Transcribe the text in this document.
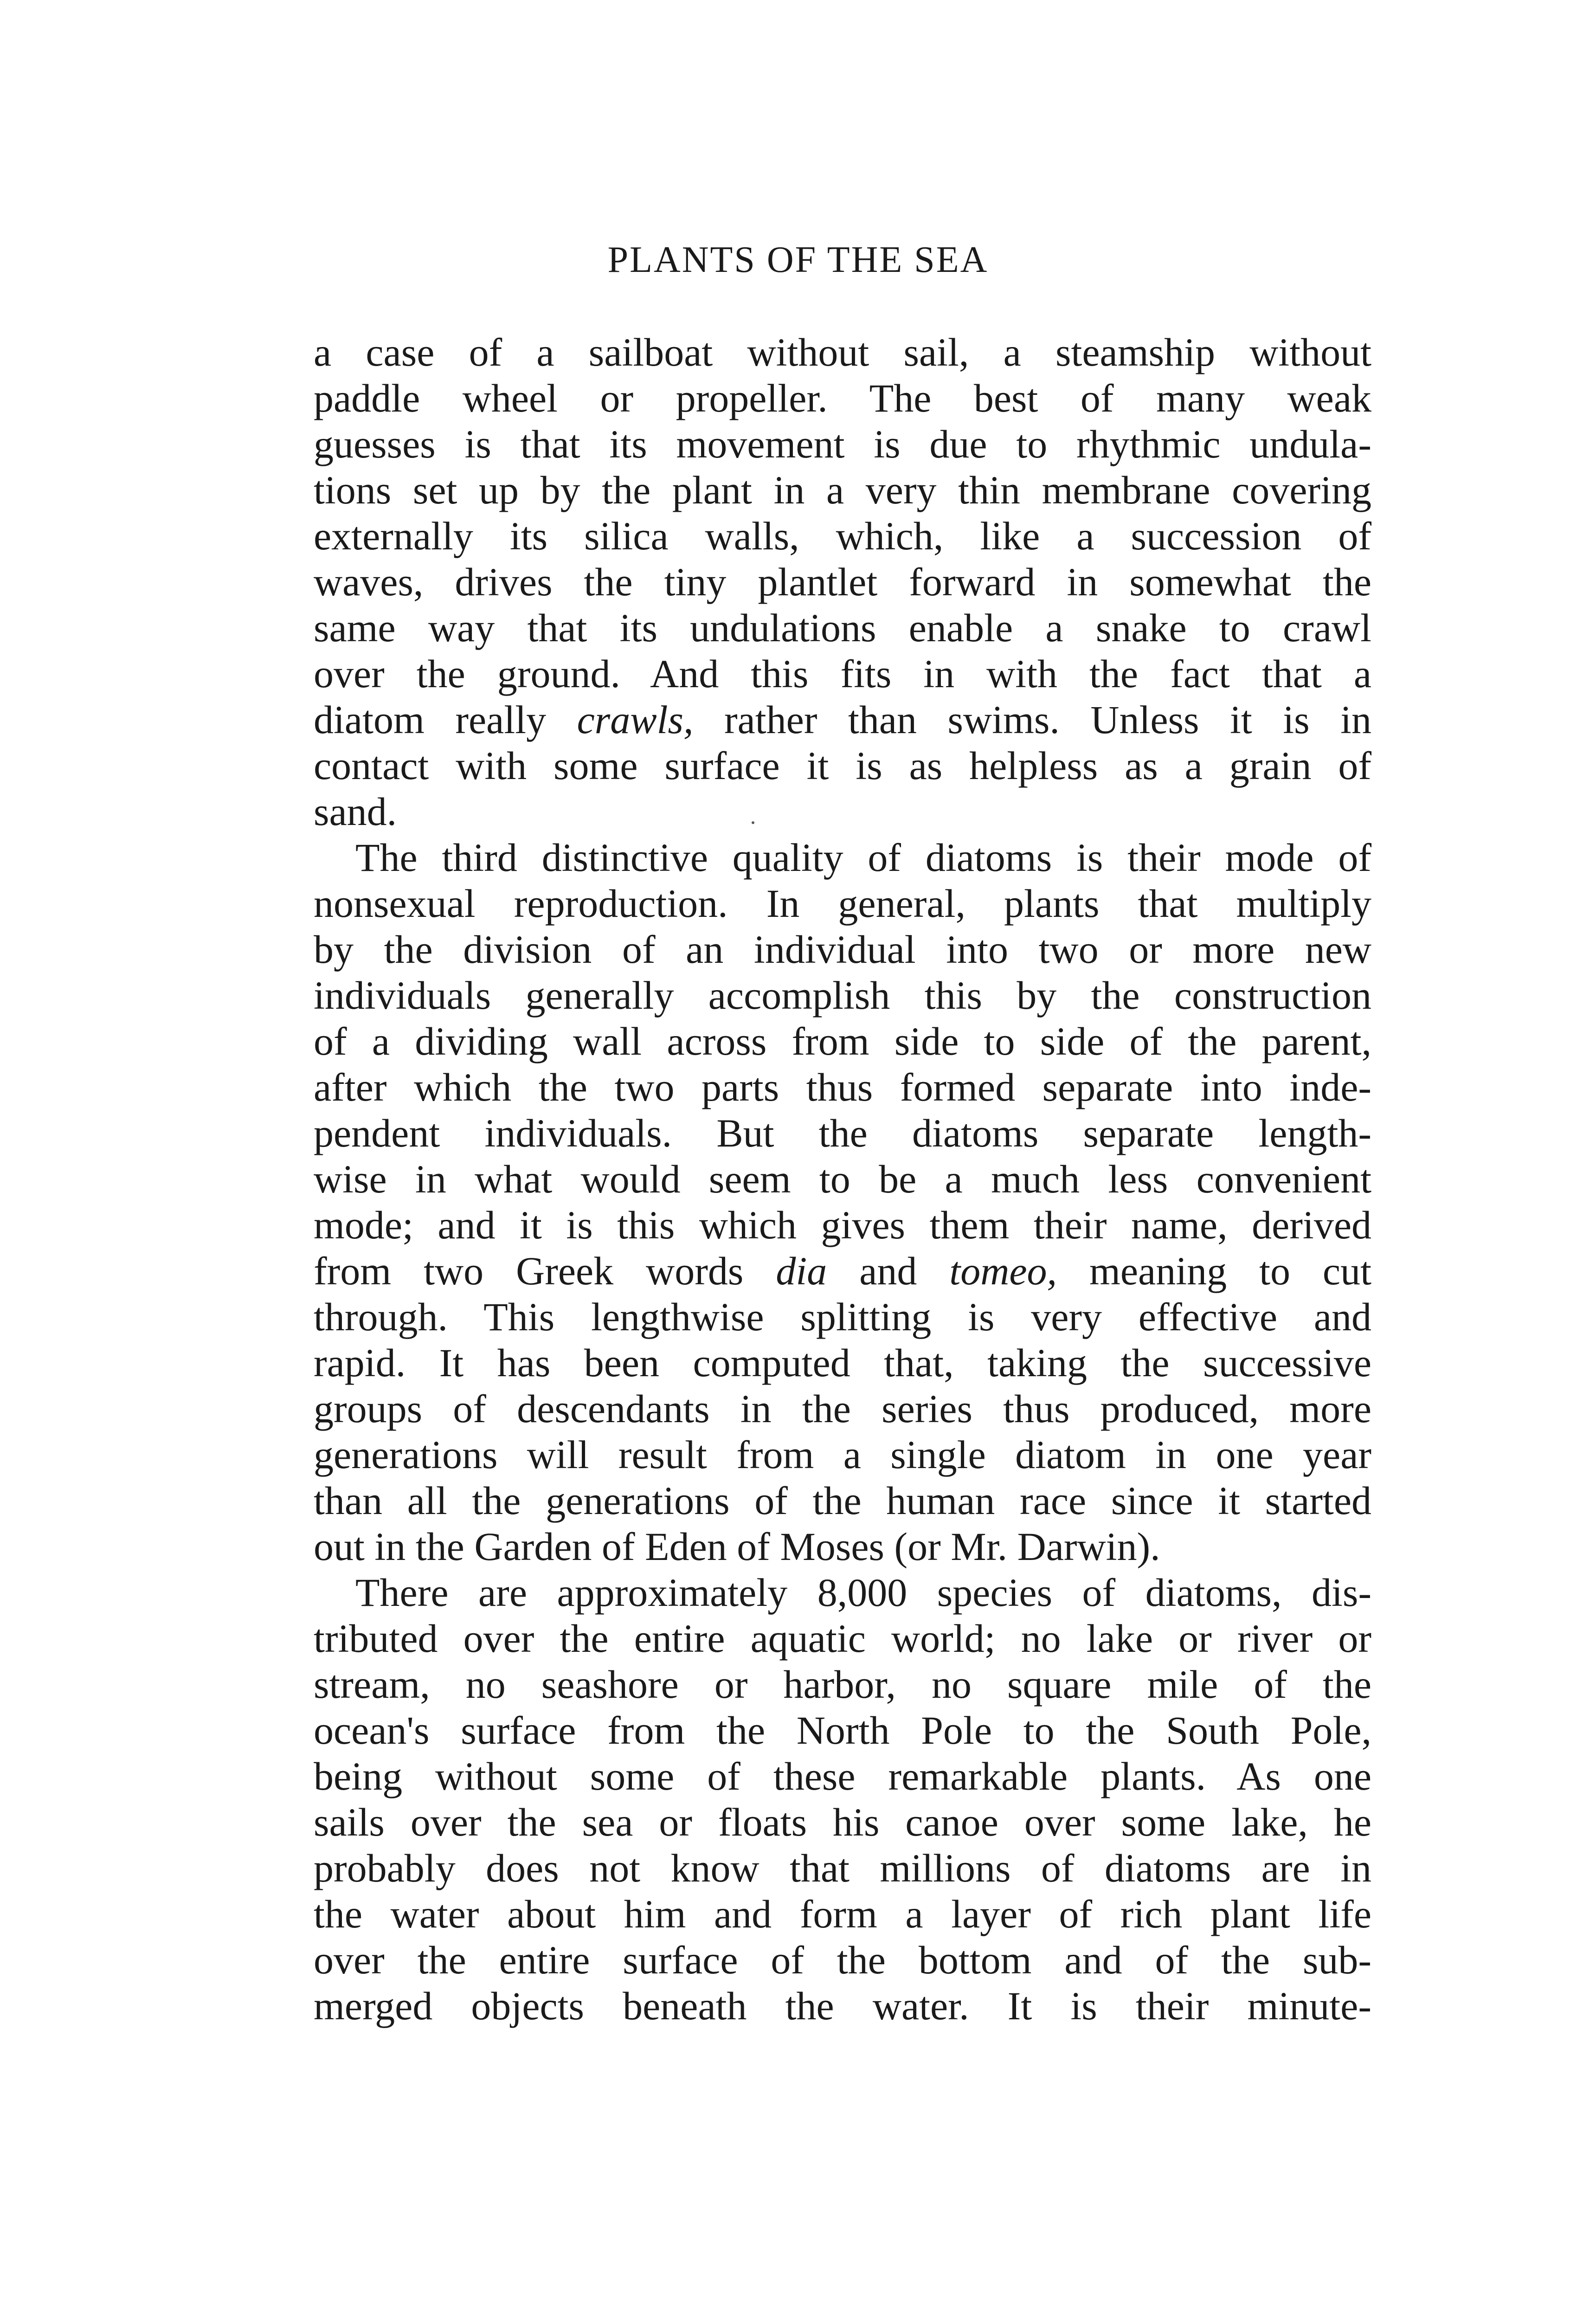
PLANTS OF THE SEA
a case of a sailboat without sail, a steamship without
paddle wheel or propeller. The best of many weak
guesses is that its movement is due to rhythmic undula-
tions set up by the plant in a very thin membrane covering
externally its silica walls, which, like a succession of
waves, drives the tiny plantlet forward in somewhat the
same way that its undulations enable a snake to crawl
over the ground. And this fits in with the fact that a
diatom really crawls, rather than swims. Unless it is in
contact with some surface it is as helpless as a grain of
sand.
The third distinctive quality of diatoms is their mode of
nonsexual reproduction. In general, plants that multiply
by the division of an individual into two or more new
individuals generally accomplish this by the construction
of a dividing wall across from side to side of the parent,
after which the two parts thus formed separate into inde-
pendent individuals. But the diatoms separate length-
wise in what would seem to be a much less convenient
mode; and it is this which gives them their name, derived
from two Greek words dia and tomeo, meaning to cut
through. This lengthwise splitting is very effective and
rapid. It has been computed that, taking the successive
groups of descendants in the series thus produced, more
generations will result from a single diatom in one year
than all the generations of the human race since it started
out in the Garden of Eden of Moses (or Mr. Darwin).
There are approximately 8,000 species of diatoms, dis-
tributed over the entire aquatic world; no lake or river or
stream, no seashore or harbor, no square mile of the
ocean's surface from the North Pole to the South Pole,
being without some of these remarkable plants. As one
sails over the sea or floats his canoe over some lake, he
probably does not know that millions of diatoms are in
the water about him and form a layer of rich plant life
over the entire surface of the bottom and of the sub-
merged objects beneath the water. It is their minute-
